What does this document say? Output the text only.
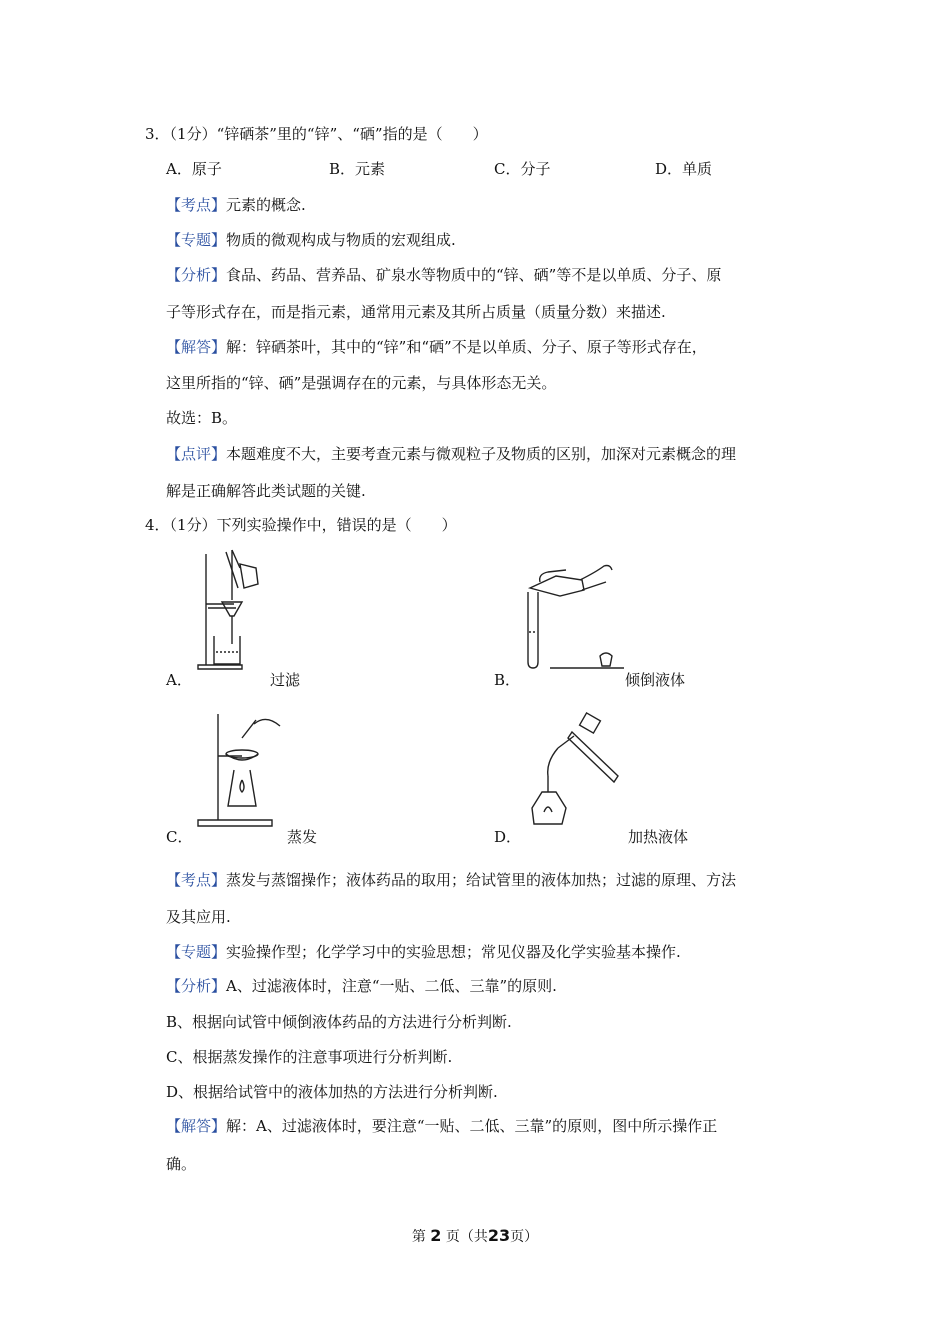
3．（1分）“锌硒茶”里的“锌”、“硒”指的是（　　）
A．原子	B．元素	C．分子	D．单质
【考点】元素的概念.
【专题】物质的微观构成与物质的宏观组成.
【分析】食品、药品、营养品、矿泉水等物质中的“锌、硒”等不是以单质、分子、原
子等形式存在，而是指元素，通常用元素及其所占质量（质量分数）来描述.
【解答】解：锌硒茶叶，其中的“锌”和“硒”不是以单质、分子、原子等形式存在，
这里所指的“锌、硒”是强调存在的元素，与具体形态无关。
故选：B。
【点评】本题难度不大，主要考查元素与微观粒子及物质的区别，加深对元素概念的理
解是正确解答此类试题的关键.
4．（1分）下列实验操作中，错误的是（　　）
A．	过滤	B．	倾倒液体
C．	蒸发	D．	加热液体
【考点】蒸发与蒸馏操作；液体药品的取用；给试管里的液体加热；过滤的原理、方法
及其应用.
【专题】实验操作型；化学学习中的实验思想；常见仪器及化学实验基本操作.
【分析】A、过滤液体时，注意“一贴、二低、三靠”的原则.
B、根据向试管中倾倒液体药品的方法进行分析判断.
C、根据蒸发操作的注意事项进行分析判断.
D、根据给试管中的液体加热的方法进行分析判断.
【解答】解：A、过滤液体时，要注意“一贴、二低、三靠”的原则，图中所示操作正
确。
第 2 页（共23页）
